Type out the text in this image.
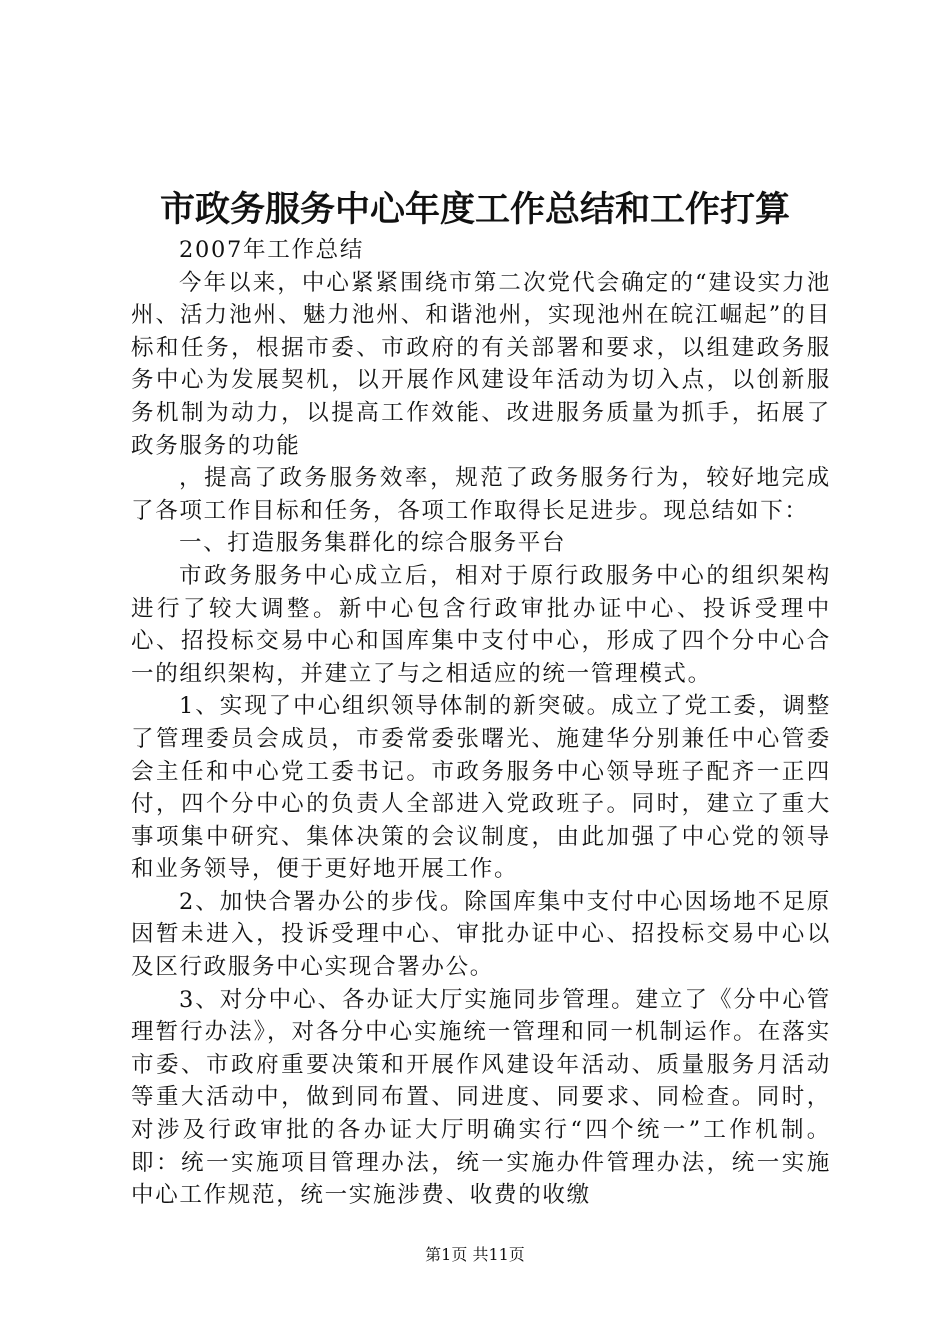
市政务服务中心年度工作总结和工作打算

2007年工作总结

今年以来，中心紧紧围绕市第二次党代会确定的“建设实力池州、活力池州、魅力池州、和谐池州，实现池州在皖江崛起”的目标和任务，根据市委、市政府的有关部署和要求，以组建政务服务中心为发展契机，以开展作风建设年活动为切入点，以创新服务机制为动力，以提高工作效能、改进服务质量为抓手，拓展了政务服务的功能

，提高了政务服务效率，规范了政务服务行为，较好地完成了各项工作目标和任务，各项工作取得长足进步。现总结如下：

一、打造服务集群化的综合服务平台

市政务服务中心成立后，相对于原行政服务中心的组织架构进行了较大调整。新中心包含行政审批办证中心、投诉受理中心、招投标交易中心和国库集中支付中心，形成了四个分中心合一的组织架构，并建立了与之相适应的统一管理模式。

1、实现了中心组织领导体制的新突破。成立了党工委，调整了管理委员会成员，市委常委张曙光、施建华分别兼任中心管委会主任和中心党工委书记。市政务服务中心领导班子配齐一正四付，四个分中心的负责人全部进入党政班子。同时，建立了重大事项集中研究、集体决策的会议制度，由此加强了中心党的领导和业务领导，便于更好地开展工作。

2、加快合署办公的步伐。除国库集中支付中心因场地不足原因暂未进入，投诉受理中心、审批办证中心、招投标交易中心以及区行政服务中心实现合署办公。

3、对分中心、各办证大厅实施同步管理。建立了《分中心管理暂行办法》，对各分中心实施统一管理和同一机制运作。在落实市委、市政府重要决策和开展作风建设年活动、质量服务月活动等重大活动中，做到同布置、同进度、同要求、同检查。同时，对涉及行政审批的各办证大厅明确实行“四个统一”工作机制。即：统一实施项目管理办法，统一实施办件管理办法，统一实施中心工作规范，统一实施涉费、收费的收缴

第1页 共11页
